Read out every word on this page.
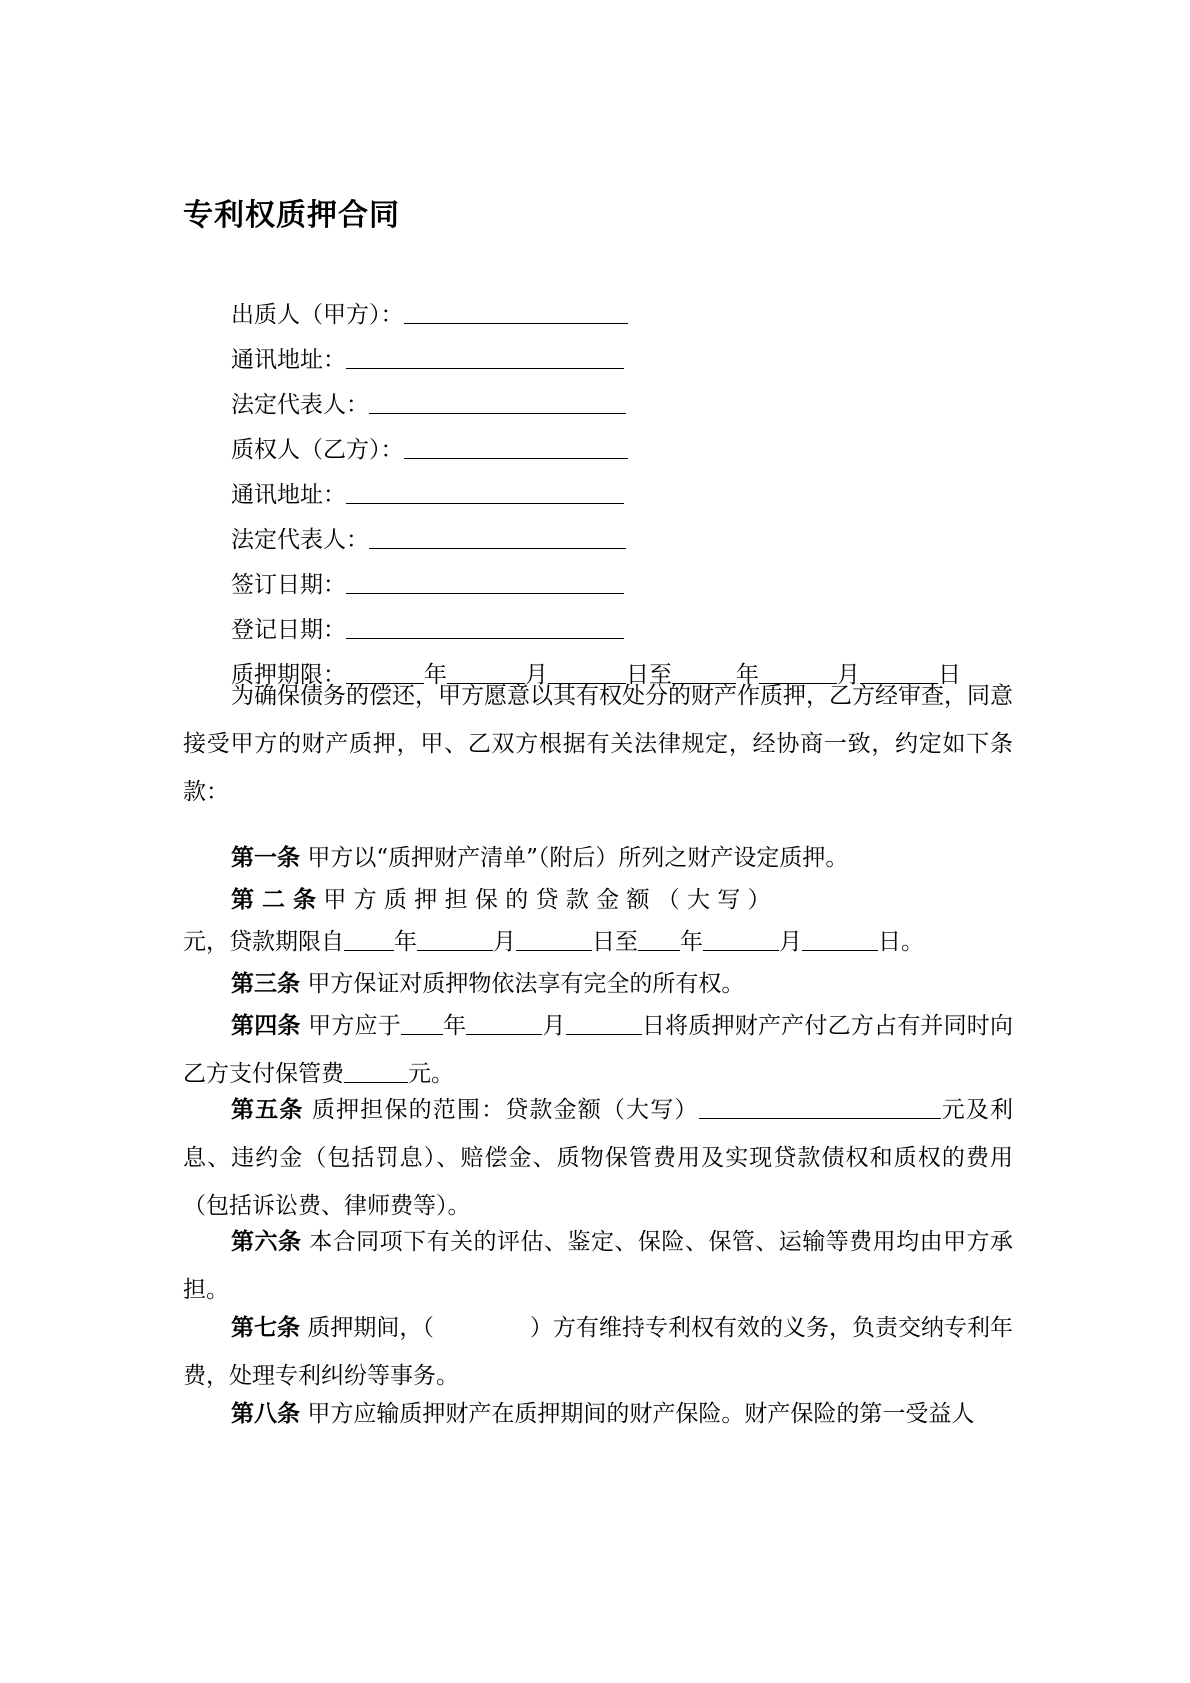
专利权质押合同
出质人（甲方）：
通讯地址：
法定代表人：
质权人（乙方）：
通讯地址：
法定代表人：
签订日期：
登记日期：
质押期限：	年	月	日至	年	月	日

为确保债务的偿还，甲方愿意以其有权处分的财产作质押，乙方经审查，同意接受甲方的财产质押，甲、乙双方根据有关法律规定，经协商一致，约定如下条款：

第一条 甲方以“质押财产清单”（附后）所列之财产设定质押。

第 二 条 甲 方 质 押 担 保 的 贷 款 金 额 （ 大 写 ）

元，贷款期限自 年	月	日至 年	月	日。

第三条 甲方保证对质押物依法享有完全的所有权。

第四条 甲方应于 年	月	日将质押财产产付乙方占有并同时向乙方支付保管费	元。

第五条 质押担保的范围：贷款金额（大写）	元及利息、违约金（包括罚息）、赔偿金、质物保管费用及实现贷款债权和质权的费用（包括诉讼费、律师费等）。

第六条 本合同项下有关的评估、鉴定、保险、保管、运输等费用均由甲方承担。

第七条 质押期间，（	）方有维持专利权有效的义务，负责交纳专利年费，处理专利纠纷等事务。

第八条 甲方应输质押财产在质押期间的财产保险。财产保险的第一受益人
